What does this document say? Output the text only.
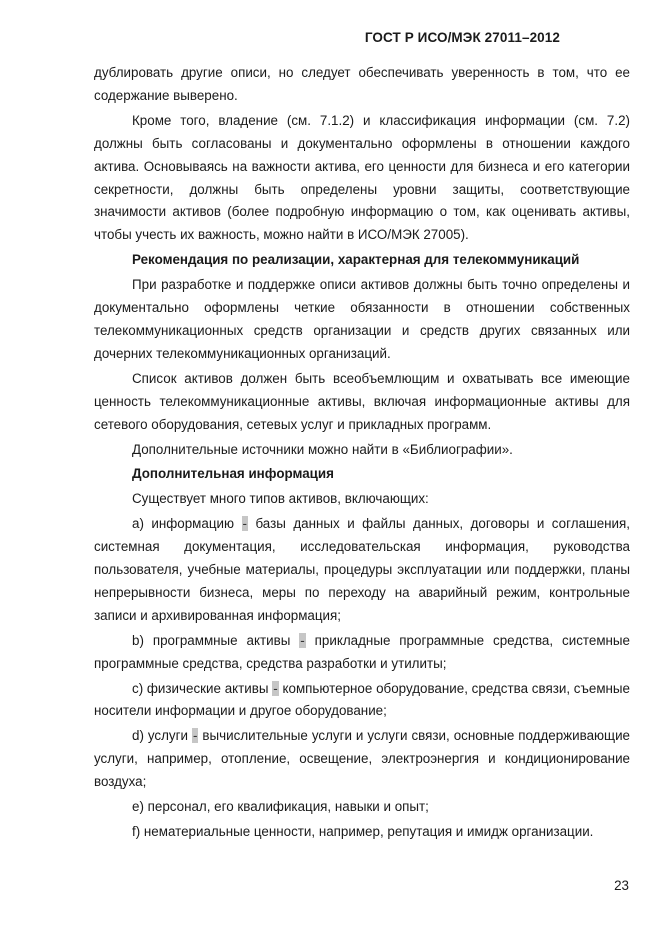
ГОСТ Р ИСО/МЭК 27011–2012

дублировать другие описи, но следует обеспечивать уверенность в том, что ее содержание выверено.

Кроме того, владение (см. 7.1.2) и классификация информации (см. 7.2) должны быть согласованы и документально оформлены в отношении каждого актива. Основываясь на важности актива, его ценности для бизнеса и его категории секретности, должны быть определены уровни защиты, соответствующие значимости активов (более подробную информацию о том, как оценивать активы, чтобы учесть их важность, можно найти в ИСО/МЭК 27005).

Рекомендация по реализации, характерная для телекоммуникаций

При разработке и поддержке описи активов должны быть точно определены и документально оформлены четкие обязанности в отношении собственных телекоммуникационных средств организации и средств других связанных или дочерних телекоммуникационных организаций.

Список активов должен быть всеобъемлющим и охватывать все имеющие ценность телекоммуникационные активы, включая информационные активы для сетевого оборудования, сетевых услуг и прикладных программ.

Дополнительные источники можно найти в «Библиографии».

Дополнительная информация

Существует много типов активов, включающих:

a) информацию - базы данных и файлы данных, договоры и соглашения, системная документация, исследовательская информация, руководства пользователя, учебные материалы, процедуры эксплуатации или поддержки, планы непрерывности бизнеса, меры по переходу на аварийный режим, контрольные записи и архивированная информация;

b) программные активы - прикладные программные средства, системные программные средства, средства разработки и утилиты;

c) физические активы - компьютерное оборудование, средства связи, съемные носители информации и другое оборудование;

d) услуги - вычислительные услуги и услуги связи, основные поддерживающие услуги, например, отопление, освещение, электроэнергия и кондиционирование воздуха;

e) персонал, его квалификация, навыки и опыт;

f) нематериальные ценности, например, репутация и имидж организации.

23
